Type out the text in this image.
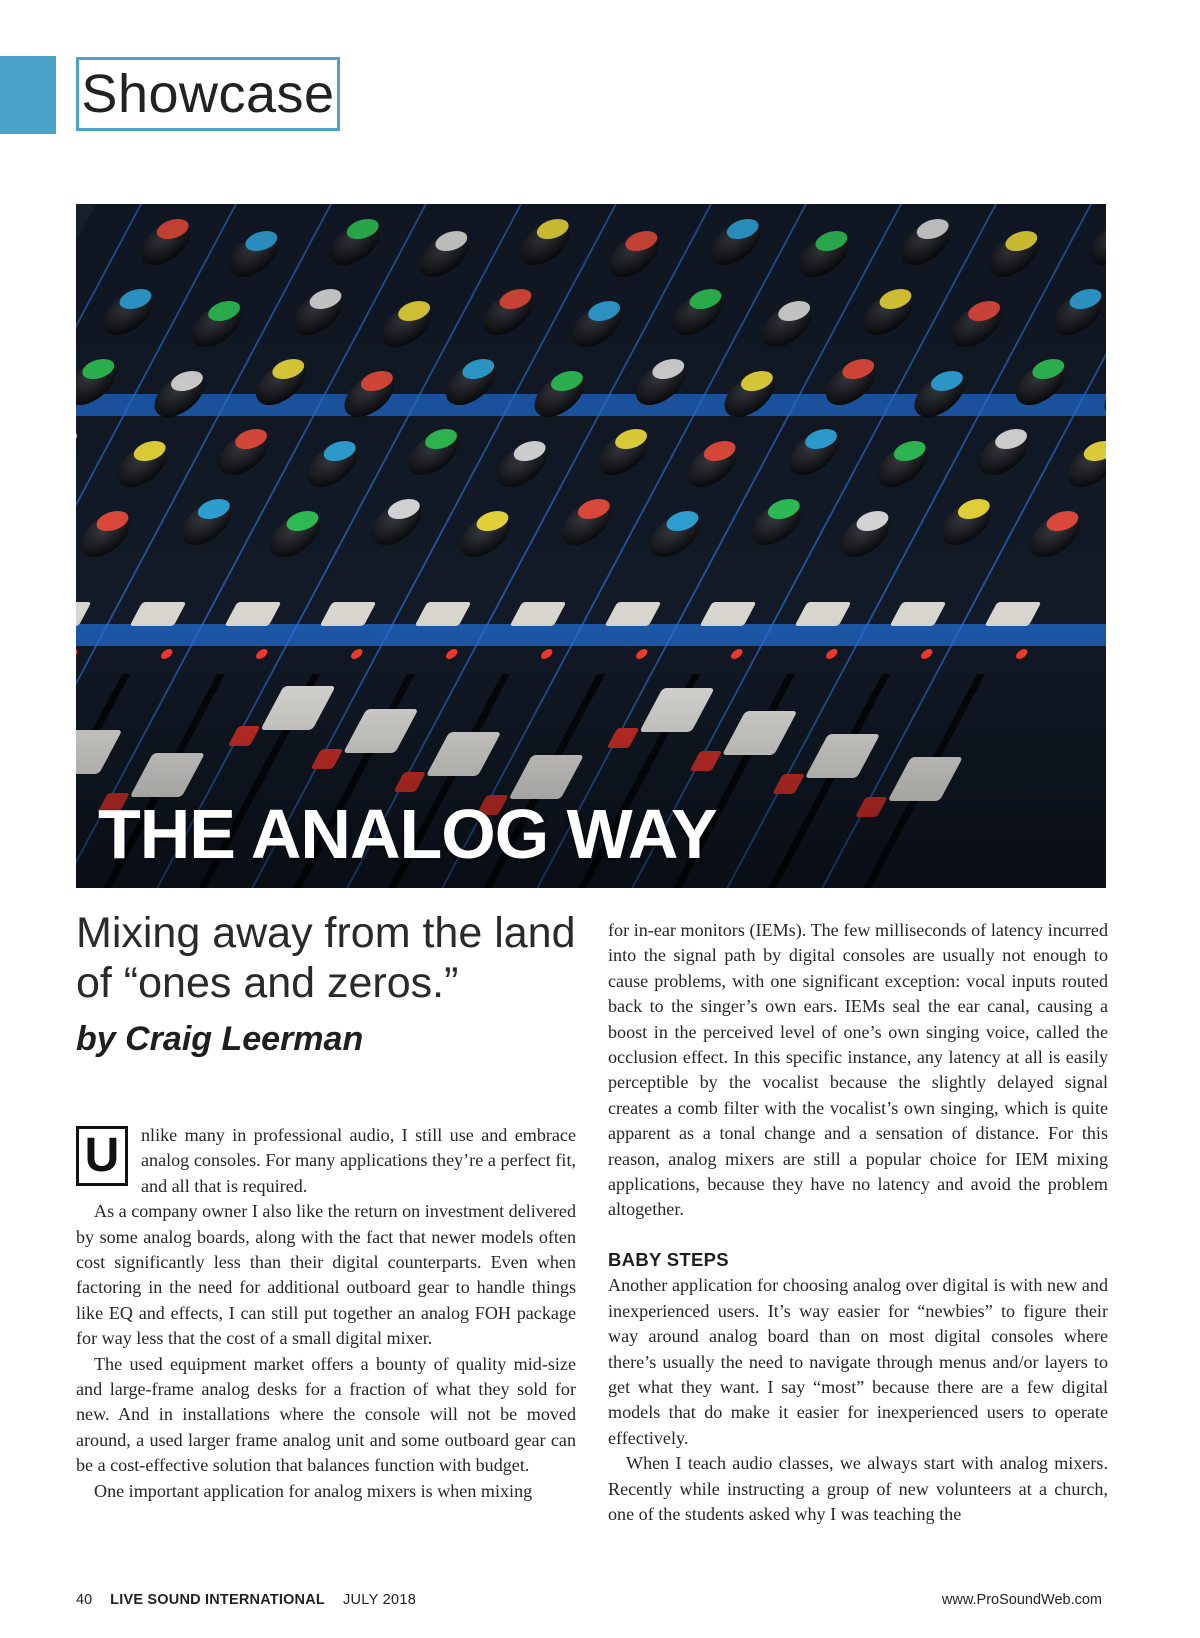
Showcase
THE ANALOG WAY
Mixing away from the land of “ones and zeros.”
by Craig Leerman
U	nlike many in professional audio, I still use and embrace analog consoles. For many applications they’re a perfect fit, and all that is required.

As a company owner I also like the return on investment delivered by some analog boards, along with the fact that newer models often cost significantly less than their digital counterparts. Even when factoring in the need for additional outboard gear to handle things like EQ and effects, I can still put together an analog FOH package for way less that the cost of a small digital mixer.

The used equipment market offers a bounty of quality mid-size and large-frame analog desks for a fraction of what they sold for new. And in installations where the console will not be moved around, a used larger frame analog unit and some outboard gear can be a cost-effective solution that balances function with budget.

One important application for analog mixers is when mixing

for in-ear monitors (IEMs). The few milliseconds of latency incurred into the signal path by digital consoles are usually not enough to cause problems, with one significant exception: vocal inputs routed back to the singer’s own ears. IEMs seal the ear canal, causing a boost in the perceived level of one’s own singing voice, called the occlusion effect. In this specific instance, any latency at all is easily perceptible by the vocalist because the slightly delayed signal creates a comb filter with the vocalist’s own singing, which is quite apparent as a tonal change and a sensation of distance. For this reason, analog mixers are still a popular choice for IEM mixing applications, because they have no latency and avoid the problem altogether.

BABY STEPS

Another application for choosing analog over digital is with new and inexperienced users. It’s way easier for “newbies” to figure their way around analog board than on most digital consoles where there’s usually the need to navigate through menus and/or layers to get what they want. I say “most” because there are a few digital models that do make it easier for inexperienced users to operate effectively.

When I teach audio classes, we always start with analog mixers. Recently while instructing a group of new volunteers at a church, one of the students asked why I was teaching the

40 LIVE SOUND INTERNATIONAL JULY 2018	www.ProSoundWeb.com
